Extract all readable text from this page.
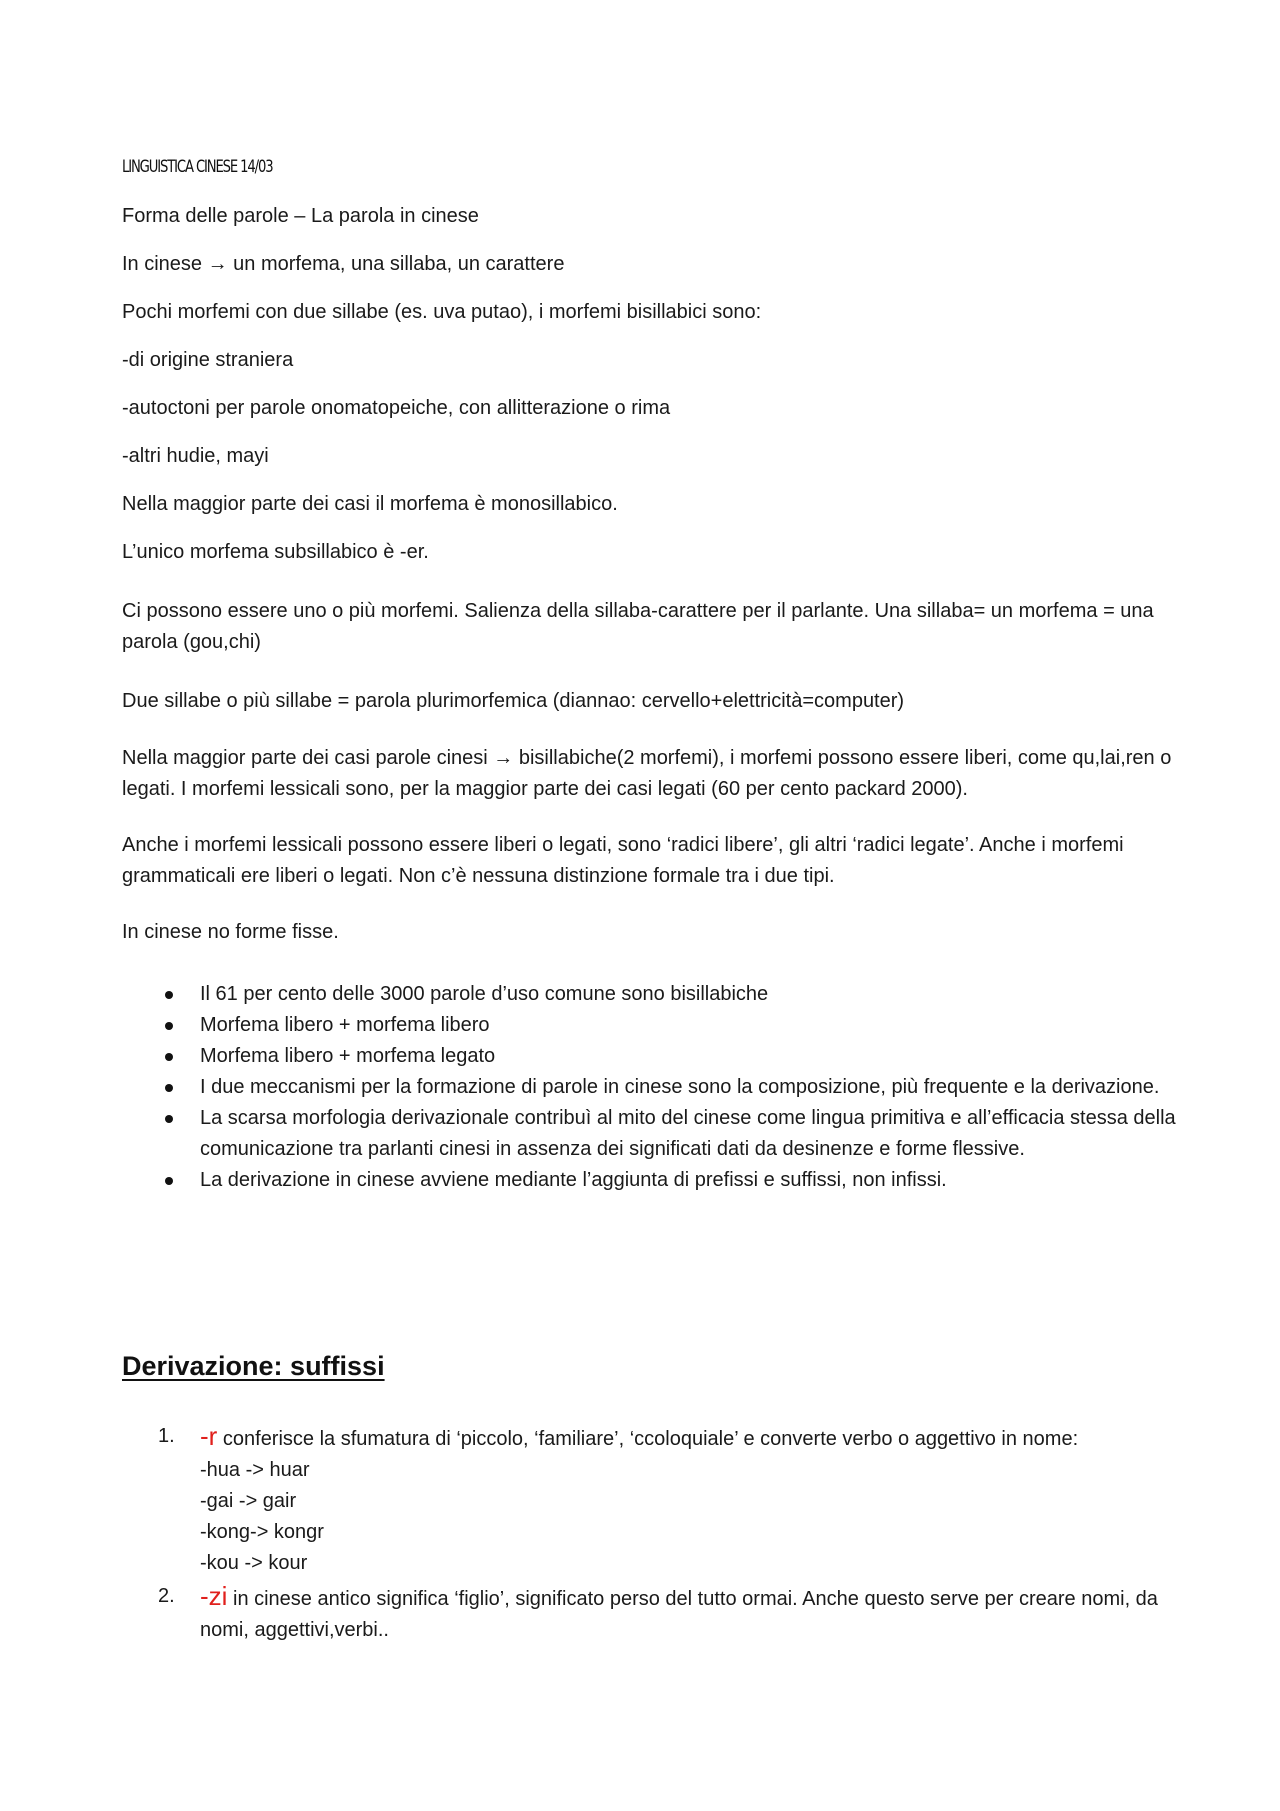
LINGUISTICA CINESE 14/03
Forma delle parole – La parola in cinese
In cinese → un morfema, una sillaba, un carattere
Pochi morfemi con due sillabe (es. uva putao), i morfemi bisillabici sono:
-di origine straniera
-autoctoni per parole onomatopeiche, con allitterazione o rima
-altri hudie, mayi
Nella maggior parte dei casi il morfema è monosillabico.
L’unico morfema subsillabico è -er.
Ci possono essere uno o più morfemi. Salienza della sillaba-carattere per il parlante. Una sillaba= un morfema = una parola (gou,chi)
Due sillabe o più sillabe = parola plurimorfemica (diannao: cervello+elettricità=computer)
Nella maggior parte dei casi parole cinesi → bisillabiche(2 morfemi), i morfemi possono essere liberi, come qu,lai,ren o legati. I morfemi lessicali sono, per la maggior parte dei casi legati (60 per cento packard 2000).
Anche i morfemi lessicali possono essere liberi o legati, sono ‘radici libere’, gli altri ‘radici legate’. Anche i morfemi grammaticali ere liberi o legati. Non c’è nessuna distinzione formale tra i due tipi.
In cinese no forme fisse.
Il 61 per cento delle 3000 parole d’uso comune sono bisillabiche
Morfema libero + morfema libero
Morfema libero + morfema legato
I due meccanismi per la formazione di parole in cinese sono la composizione, più frequente e la derivazione.
La scarsa morfologia derivazionale contribuì al mito del cinese come lingua primitiva e all’efficacia stessa della comunicazione tra parlanti cinesi in assenza dei significati dati da desinenze e forme flessive.
La derivazione in cinese avviene mediante l’aggiunta di prefissi e suffissi, non infissi.
Derivazione: suffissi
1. -r conferisce la sfumatura di ‘piccolo, ‘familiare’, ‘ccoloquiale’ e converte verbo o aggettivo in nome:
-hua -> huar
-gai -> gair
-kong-> kongr
-kou -> kour
2. -zi in cinese antico significa ‘figlio’, significato perso del tutto ormai. Anche questo serve per creare nomi, da nomi, aggettivi,verbi..
